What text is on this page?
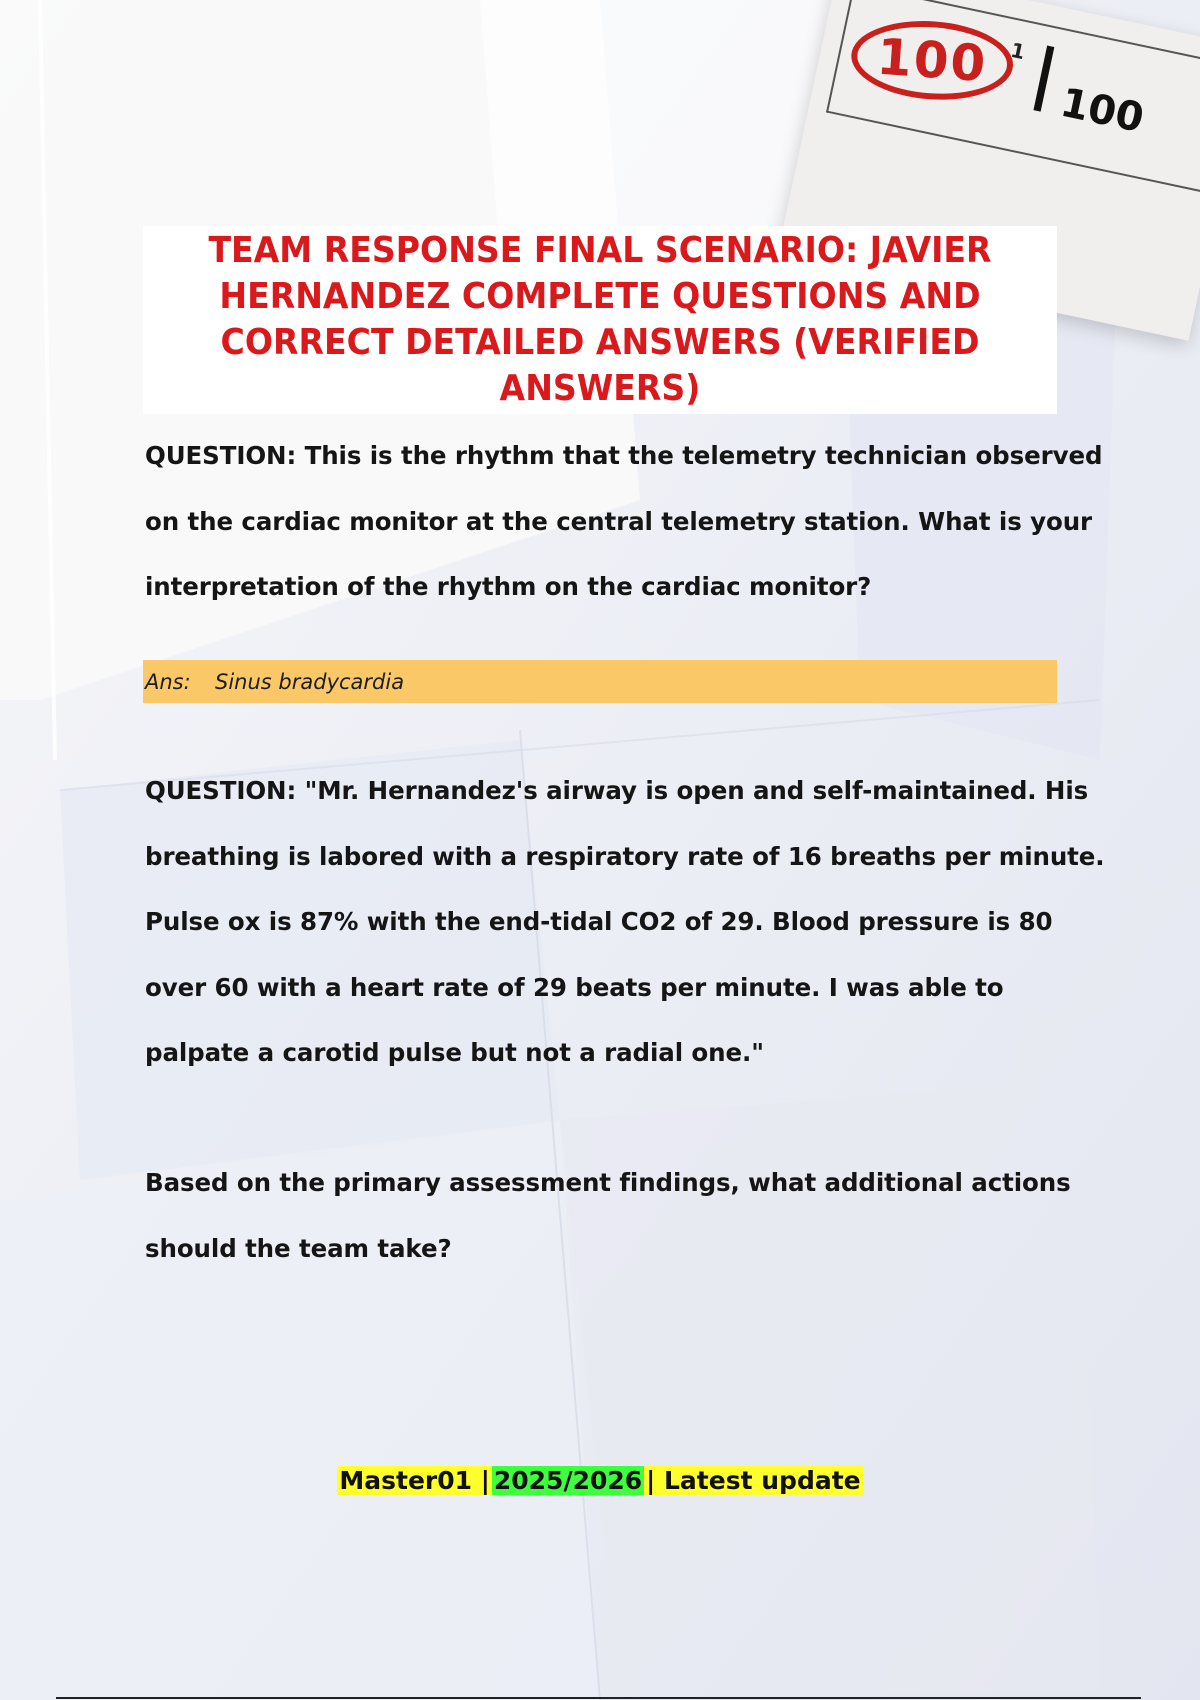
100 1
|
100
TEAM RESPONSE FINAL SCENARIO: JAVIER HERNANDEZ COMPLETE QUESTIONS AND CORRECT DETAILED ANSWERS (VERIFIED ANSWERS)

QUESTION: This is the rhythm that the telemetry technician observed on the cardiac monitor at the central telemetry station. What is your interpretation of the rhythm on the cardiac monitor?

Ans:	Sinus bradycardia

QUESTION: "Mr. Hernandez's airway is open and self-maintained. His breathing is labored with a respiratory rate of 16 breaths per minute. Pulse ox is 87% with the end-tidal CO2 of 29. Blood pressure is 80 over 60 with a heart rate of 29 beats per minute. I was able to palpate a carotid pulse but not a radial one."

Based on the primary assessment findings, what additional actions should the team take?

Master01 | 2025/2026 | Latest update
